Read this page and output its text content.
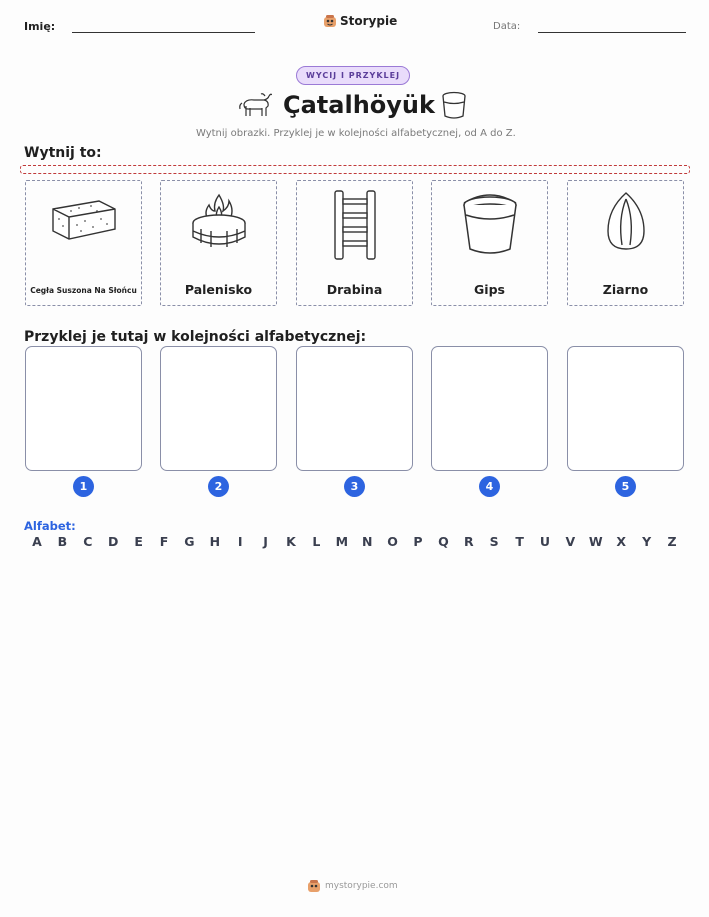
Imię:	Storypie	Data:
WYCIJ I PRZYKLEJ
Çatalhöyük
Wytnij obrazki. Przyklej je w kolejności alfabetycznej, od A do Z.
Wytnij to:
Cegła Suszona Na Słońcu	Palenisko	Drabina	Gips	Ziarno
Przyklej je tutaj w kolejności alfabetycznej:
1	2	3	4	5
Alfabet:
A	B	C	D	E	F	G	H	I	J	K	L	M	N	O	P	Q	R	S	T	U	V	W	X	Y	Z
mystorypie.com
